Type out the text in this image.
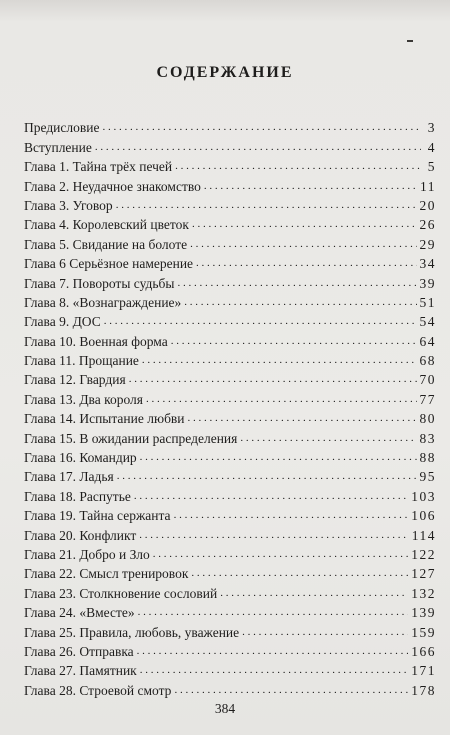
СОДЕРЖАНИЕ
Предисловие . . .	3
Вступление . . .	4
Глава 1. Тайна трёх печей . . .	5
Глава 2. Неудачное знакомство . . .	11
Глава 3. Уговор . . .	20
Глава 4. Королевский цветок . . .	26
Глава 5. Свидание на болоте . . .	29
Глава 6 Серьёзное намерение . . .	34
Глава 7. Повороты судьбы . . .	39
Глава 8. «Вознаграждение» . . .	51
Глава 9. ДОС . . .	54
Глава 10. Военная форма . . .	64
Глава 11. Прощание . . .	68
Глава 12. Гвардия . . .	70
Глава 13. Два короля . . .	77
Глава 14. Испытание любви . . .	80
Глава 15. В ожидании распределения . . .	83
Глава 16. Командир . . .	88
Глава 17. Ладья . . .	95
Глава 18. Распутье . . .	103
Глава 19. Тайна сержанта . . .	106
Глава 20. Конфликт . . .	114
Глава 21. Добро и Зло . . .	122
Глава 22. Смысл тренировок . . .	127
Глава 23. Столкновение сословий . . .	132
Глава 24. «Вместе» . . .	139
Глава 25. Правила, любовь, уважение . . .	159
Глава 26. Отправка . . .	166
Глава 27. Памятник . . .	171
Глава 28. Строевой смотр . . .	178
384
